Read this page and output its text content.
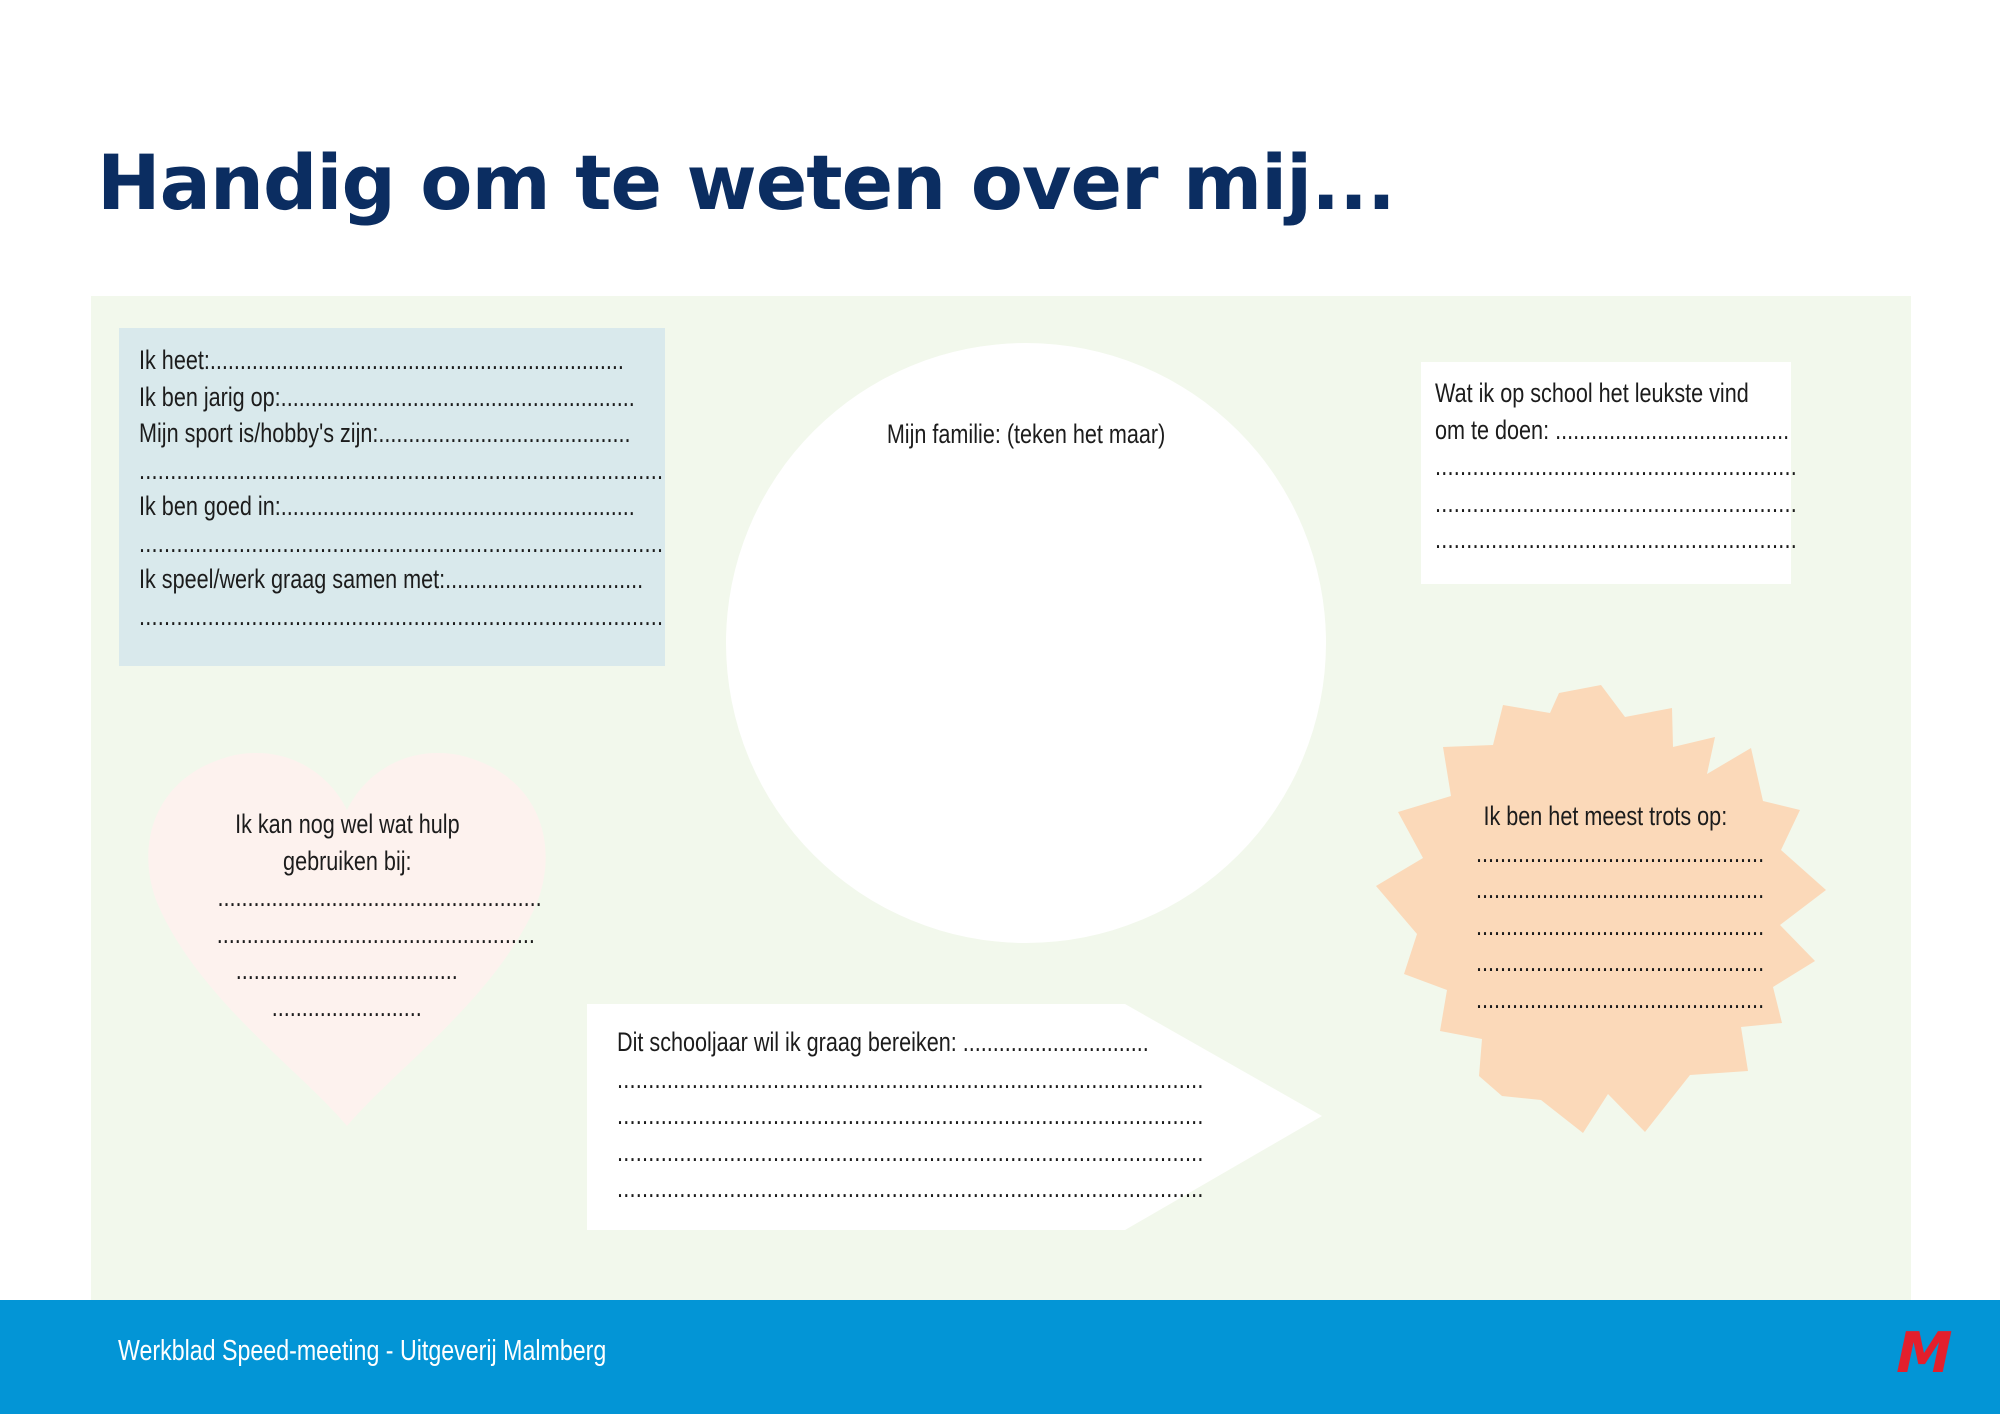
Handig om te weten over mij...
Ik heet:.....................................................................
Ik ben jarig op:...........................................................
Mijn sport is/hobby's zijn:..........................................
....................................................................................
Ik ben goed in:...........................................................
....................................................................................
Ik speel/werk graag samen met:.................................
....................................................................................
Mijn familie: (teken het maar)
Wat ik op school het leukste vind
om te doen: .......................................
..........................................................
..........................................................
..........................................................
Ik kan nog wel wat hulp
gebruiken bij:
......................................................
.....................................................
.....................................
.........................
Ik ben het meest trots op:
................................................
................................................
................................................
................................................
................................................
Dit schooljaar wil ik graag bereiken: ...............................
..............................................................................................
..............................................................................................
..............................................................................................
..............................................................................................
Werkblad Speed-meeting - Uitgeverij Malmberg	M
